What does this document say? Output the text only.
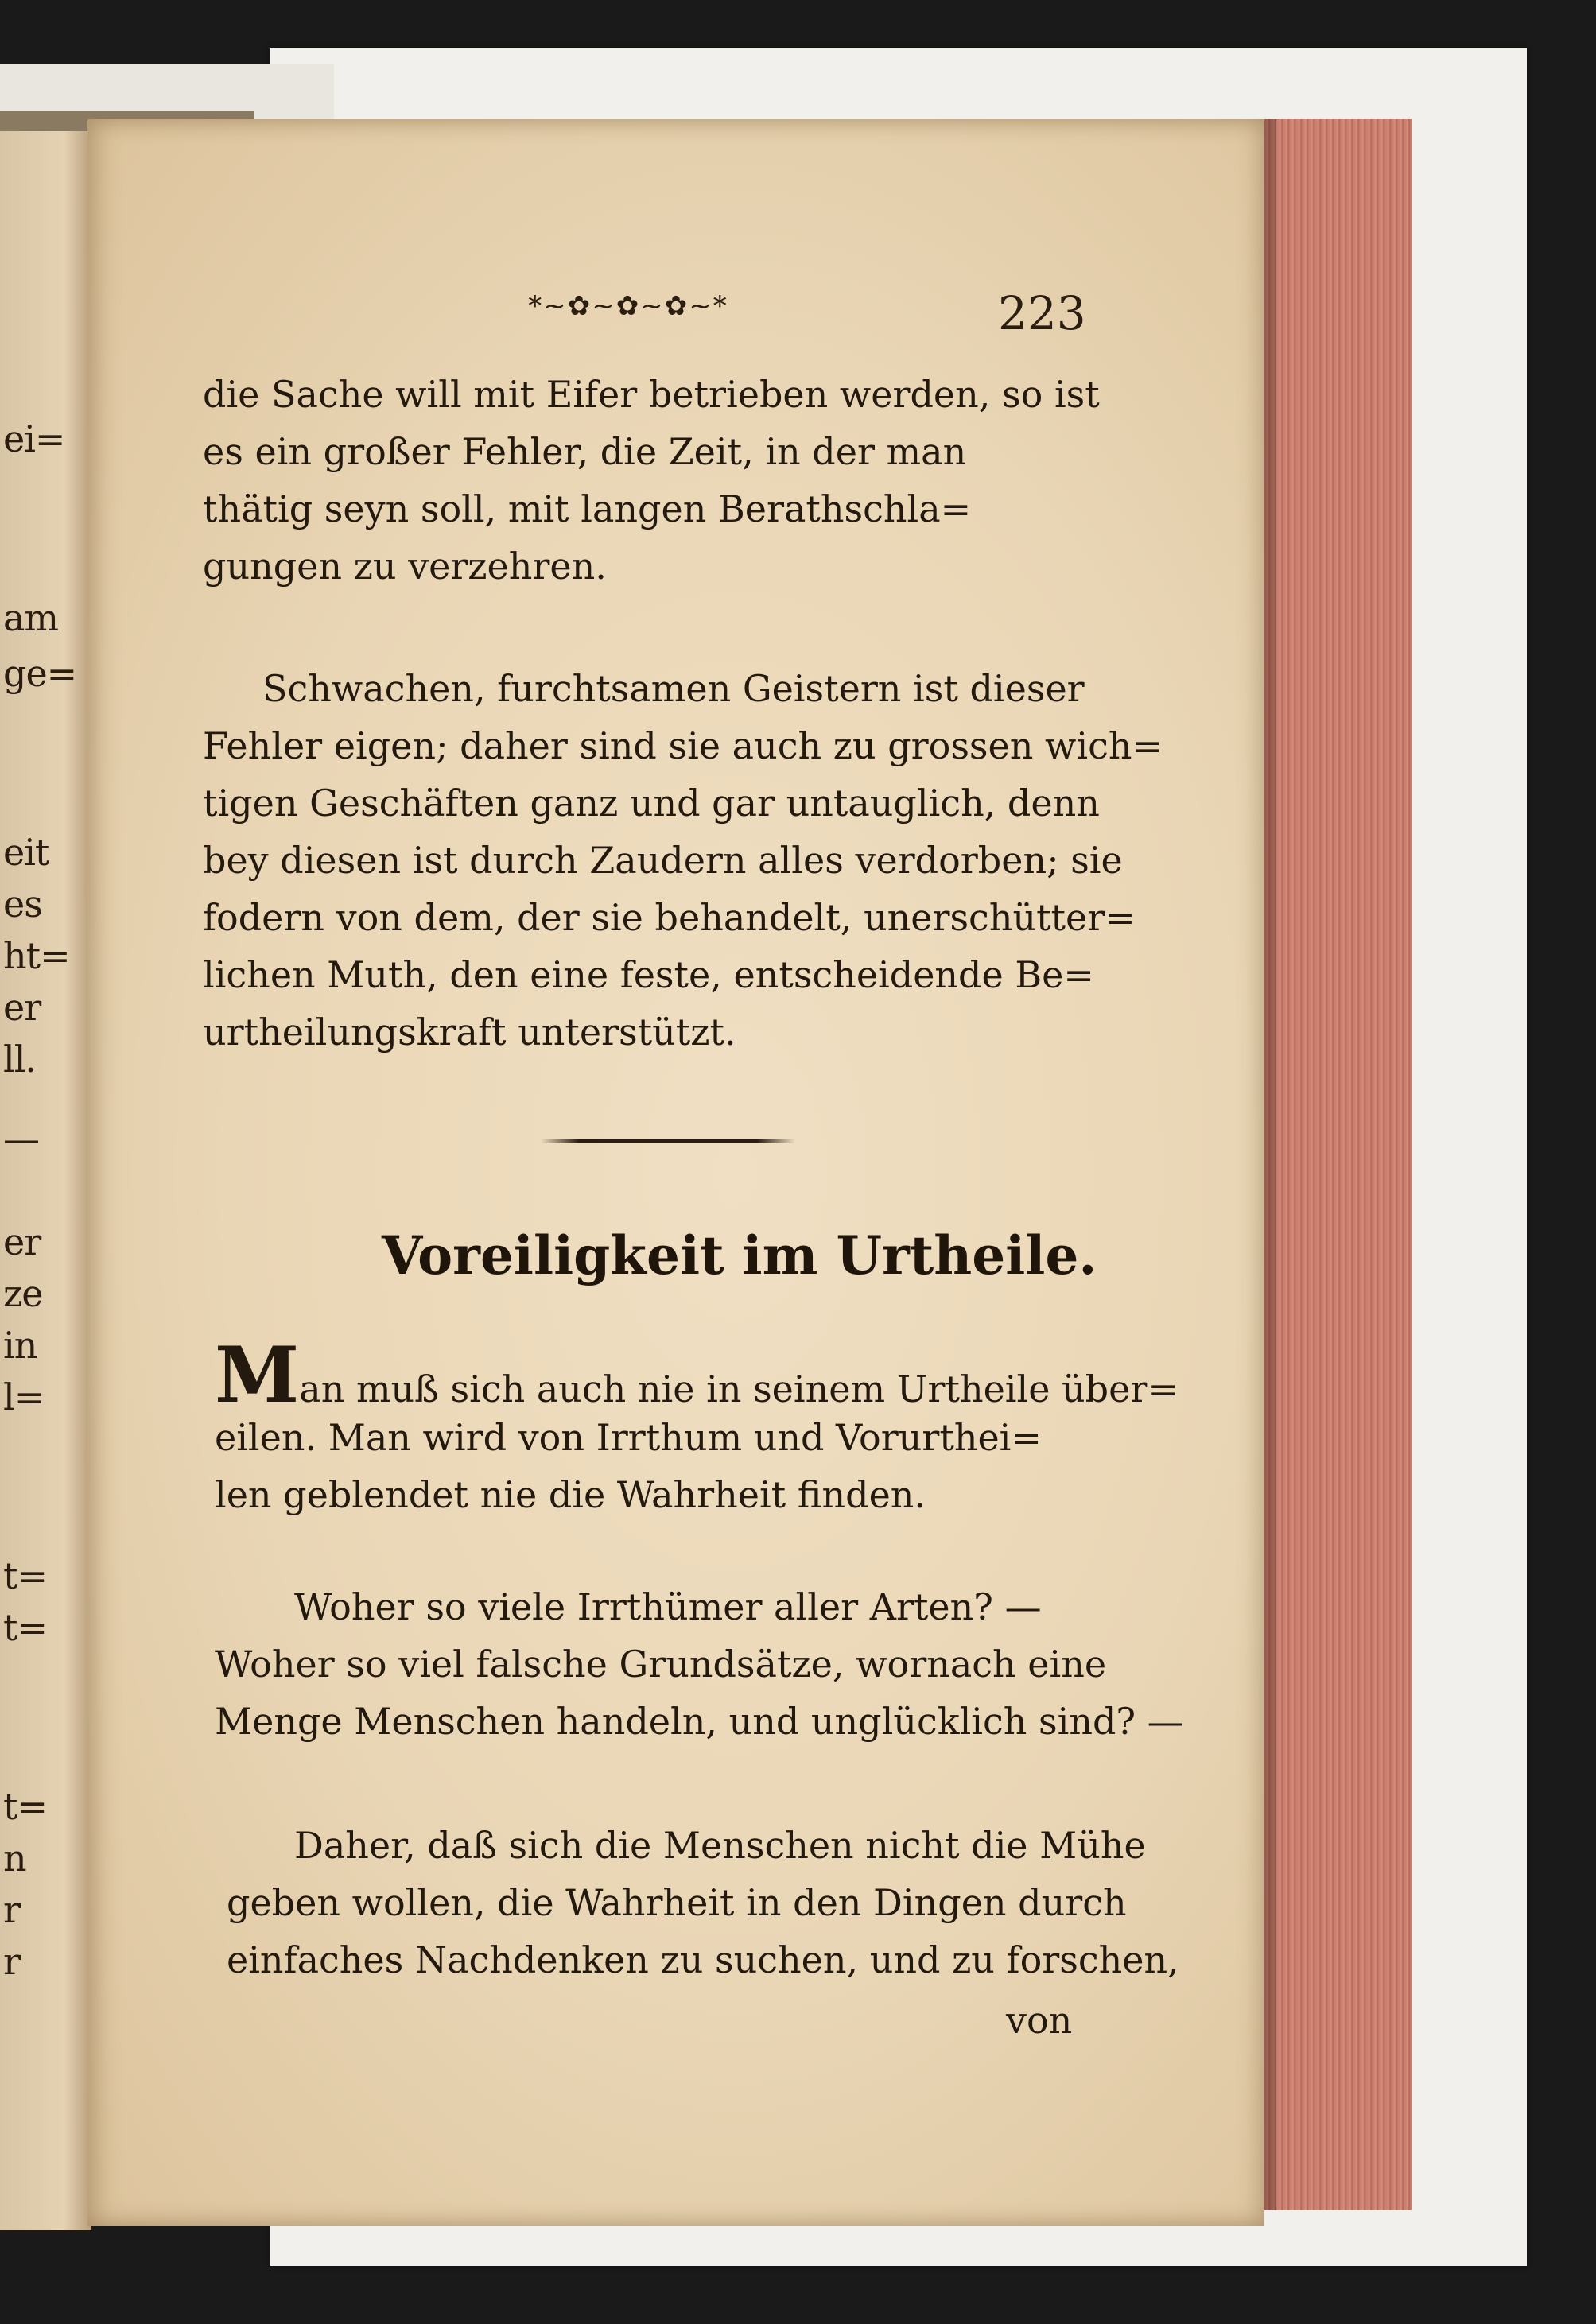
ei=
am
ge=
eit
es
ht=
er
ll.
—
er
ze
in
l=
t=
t=
t=
n
r
r
*~✿~✿~✿~*	223
die Sache will mit Eifer betrieben werden, so ist
es ein großer Fehler, die Zeit, in der man
thätig seyn soll, mit langen Berathschla=
gungen zu verzehren.
Schwachen, furchtsamen Geistern ist dieser
Fehler eigen; daher sind sie auch zu grossen wich=
tigen Geschäften ganz und gar untauglich, denn
bey diesen ist durch Zaudern alles verdorben; sie
fodern von dem, der sie behandelt, unerschütter=
lichen Muth, den eine feste, entscheidende Be=
urtheilungskraft unterstützt.
Voreiligkeit im Urtheile.
Man muß sich auch nie in seinem Urtheile über=
eilen. Man wird von Irrthum und Vorurthei=
len geblendet nie die Wahrheit finden.
Woher so viele Irrthümer aller Arten? —
Woher so viel falsche Grundsätze, wornach eine
Menge Menschen handeln, und unglücklich sind? —
Daher, daß sich die Menschen nicht die Mühe
geben wollen, die Wahrheit in den Dingen durch
einfaches Nachdenken zu suchen, und zu forschen,
von
